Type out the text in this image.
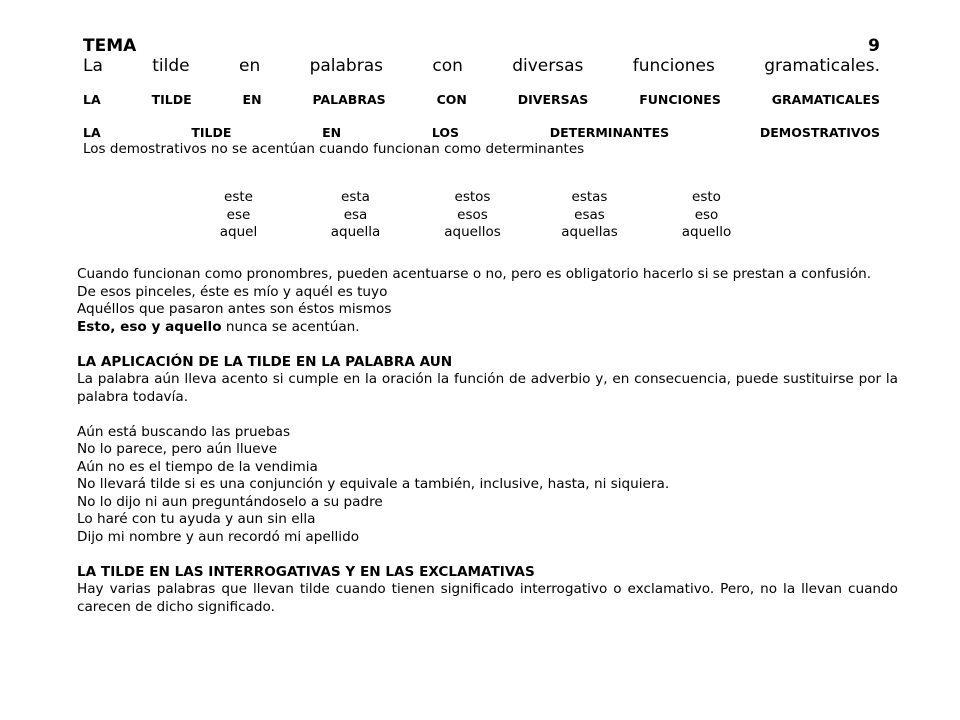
TEMA	9
La	tilde	en	palabras	con	diversas	funciones	gramaticales.
LA	TILDE	EN	PALABRAS	CON	DIVERSAS	FUNCIONES	GRAMATICALES
LA	TILDE	EN	LOS	DETERMINANTES	DEMOSTRATIVOS
Los demostrativos no se acentúan cuando funcionan como determinantes
este	esta	estos	estas	esto
ese	esa	esos	esas	eso
aquel	aquella	aquellos	aquellas	aquello

Cuando funcionan como pronombres, pueden acentuarse o no, pero es obligatorio hacerlo si se prestan a confusión.

De esos pinceles, éste es mío y aquél es tuyo

Aquéllos que pasaron antes son éstos mismos

Esto, eso y aquello nunca se acentúan.

LA APLICACIÓN DE LA TILDE EN LA PALABRA AUN

La palabra aún lleva acento si cumple en la oración la función de adverbio y, en consecuencia, puede sustituirse por la palabra todavía.

Aún está buscando las pruebas

No lo parece, pero aún llueve

Aún no es el tiempo de la vendimia

No llevará tilde si es una conjunción y equivale a también, inclusive, hasta, ni siquiera.

No lo dijo ni aun preguntándoselo a su padre

Lo haré con tu ayuda y aun sin ella

Dijo mi nombre y aun recordó mi apellido

LA TILDE EN LAS INTERROGATIVAS Y EN LAS EXCLAMATIVAS

Hay varias palabras que llevan tilde cuando tienen significado interrogativo o exclamativo. Pero, no la llevan cuando carecen de dicho significado.
